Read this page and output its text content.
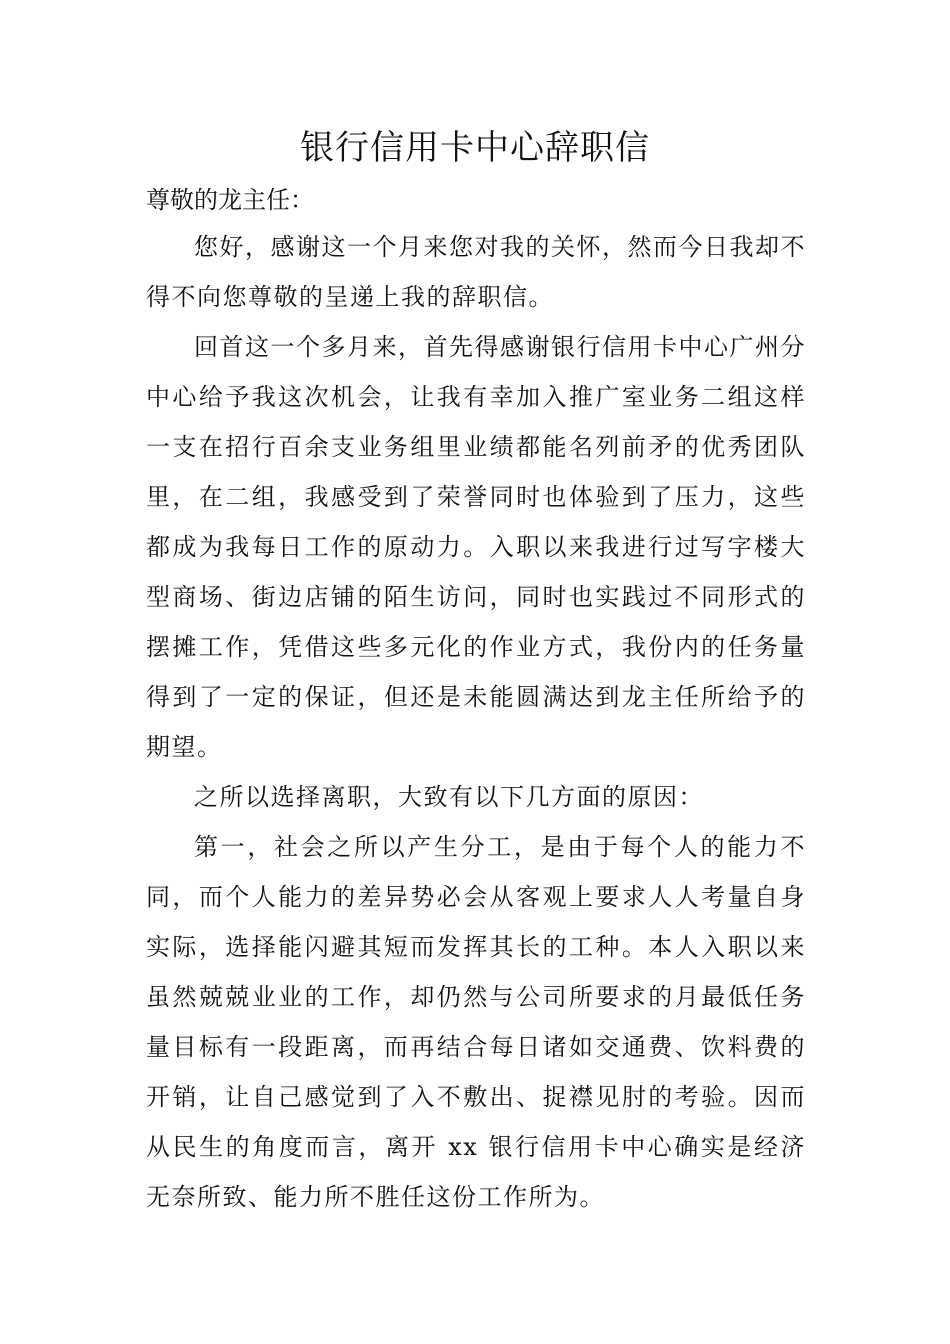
银行信用卡中心辞职信

尊敬的龙主任：

您好，感谢这一个月来您对我的关怀，然而今日我却不得不向您尊敬的呈递上我的辞职信。

回首这一个多月来，首先得感谢银行信用卡中心广州分中心给予我这次机会，让我有幸加入推广室业务二组这样一支在招行百余支业务组里业绩都能名列前矛的优秀团队里，在二组，我感受到了荣誉同时也体验到了压力，这些都成为我每日工作的原动力。入职以来我进行过写字楼大型商场、街边店铺的陌生访问，同时也实践过不同形式的摆摊工作，凭借这些多元化的作业方式，我份内的任务量得到了一定的保证，但还是未能圆满达到龙主任所给予的期望。

之所以选择离职，大致有以下几方面的原因：

第一，社会之所以产生分工，是由于每个人的能力不同，而个人能力的差异势必会从客观上要求人人考量自身实际，选择能闪避其短而发挥其长的工种。本人入职以来虽然兢兢业业的工作，却仍然与公司所要求的月最低任务量目标有一段距离，而再结合每日诸如交通费、饮料费的开销，让自己感觉到了入不敷出、捉襟见肘的考验。因而从民生的角度而言，离开 xx 银行信用卡中心确实是经济无奈所致、能力所不胜任这份工作所为。
